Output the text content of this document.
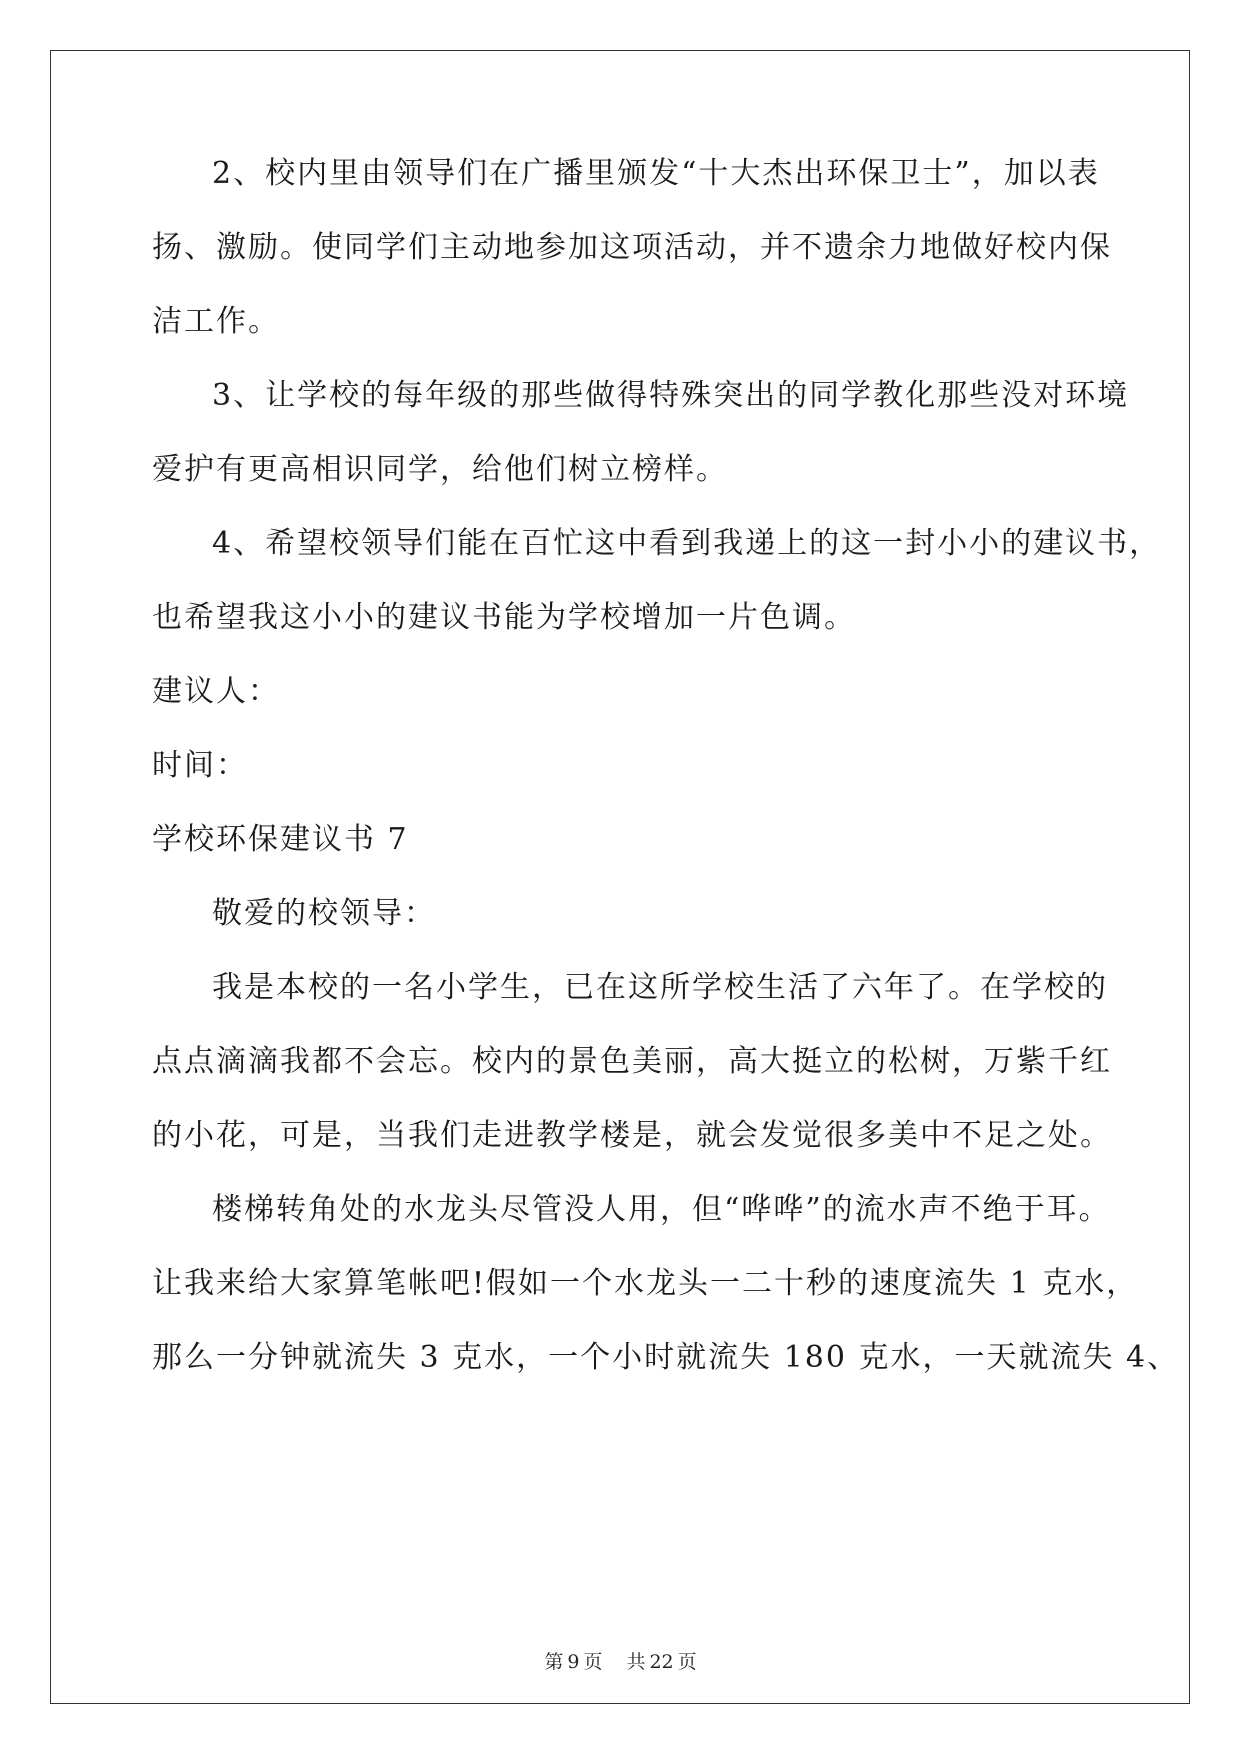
2、校内里由领导们在广播里颁发“十大杰出环保卫士”，加以表
扬、激励。使同学们主动地参加这项活动，并不遗余力地做好校内保
洁工作。
3、让学校的每年级的那些做得特殊突出的同学教化那些没对环境
爱护有更高相识同学，给他们树立榜样。
4、希望校领导们能在百忙这中看到我递上的这一封小小的建议书，
也希望我这小小的建议书能为学校增加一片色调。
建议人：
时间：
学校环保建议书 7
敬爱的校领导：
我是本校的一名小学生，已在这所学校生活了六年了。在学校的
点点滴滴我都不会忘。校内的景色美丽，高大挺立的松树，万紫千红
的小花，可是，当我们走进教学楼是，就会发觉很多美中不足之处。
楼梯转角处的水龙头尽管没人用，但“哗哗”的流水声不绝于耳。
让我来给大家算笔帐吧!假如一个水龙头一二十秒的速度流失 1 克水，
那么一分钟就流失 3 克水，一个小时就流失 180 克水，一天就流失 4、
第 9 页 共 22 页
